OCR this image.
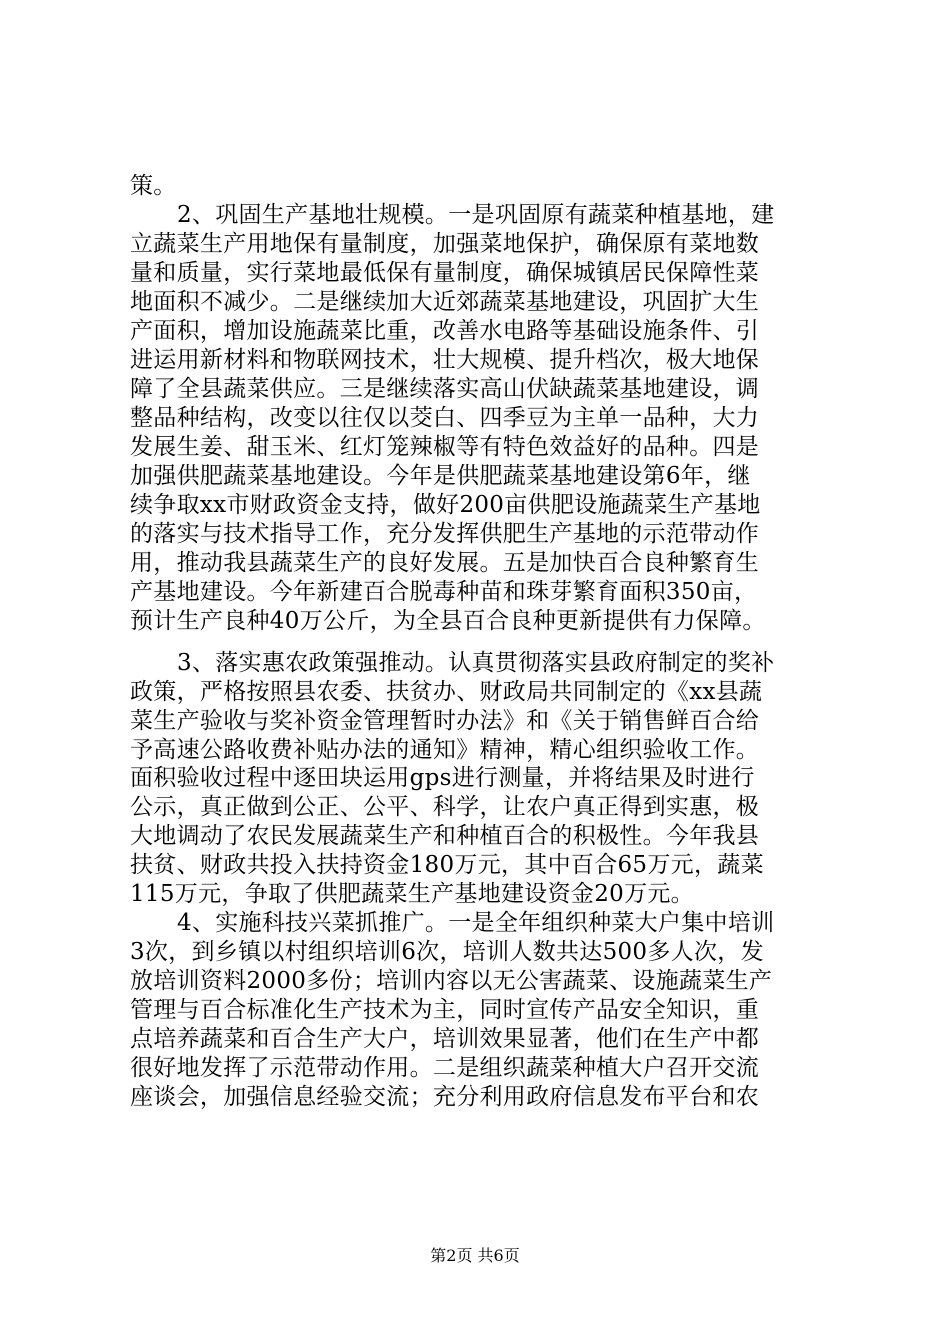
策。
2、巩固生产基地壮规模。一是巩固原有蔬菜种植基地，建
立蔬菜生产用地保有量制度，加强菜地保护，确保原有菜地数
量和质量，实行菜地最低保有量制度，确保城镇居民保障性菜
地面积不减少。二是继续加大近郊蔬菜基地建设，巩固扩大生
产面积，增加设施蔬菜比重，改善水电路等基础设施条件、引
进运用新材料和物联网技术，壮大规模、提升档次，极大地保
障了全县蔬菜供应。三是继续落实高山伏缺蔬菜基地建设，调
整品种结构，改变以往仅以茭白、四季豆为主单一品种，大力
发展生姜、甜玉米、红灯笼辣椒等有特色效益好的品种。四是
加强供肥蔬菜基地建设。今年是供肥蔬菜基地建设第6年，继
续争取xx市财政资金支持，做好200亩供肥设施蔬菜生产基地
的落实与技术指导工作，充分发挥供肥生产基地的示范带动作
用，推动我县蔬菜生产的良好发展。五是加快百合良种繁育生
产基地建设。今年新建百合脱毒种苗和珠芽繁育面积350亩，
预计生产良种40万公斤，为全县百合良种更新提供有力保障。
3、落实惠农政策强推动。认真贯彻落实县政府制定的奖补
政策，严格按照县农委、扶贫办、财政局共同制定的《xx县蔬
菜生产验收与奖补资金管理暂时办法》和《关于销售鲜百合给
予高速公路收费补贴办法的通知》精神，精心组织验收工作。
面积验收过程中逐田块运用gps进行测量，并将结果及时进行
公示，真正做到公正、公平、科学，让农户真正得到实惠，极
大地调动了农民发展蔬菜生产和种植百合的积极性。今年我县
扶贫、财政共投入扶持资金180万元，其中百合65万元，蔬菜
115万元，争取了供肥蔬菜生产基地建设资金20万元。
4、实施科技兴菜抓推广。一是全年组织种菜大户集中培训
3次，到乡镇以村组织培训6次，培训人数共达500多人次，发
放培训资料2000多份；培训内容以无公害蔬菜、设施蔬菜生产
管理与百合标准化生产技术为主，同时宣传产品安全知识，重
点培养蔬菜和百合生产大户，培训效果显著，他们在生产中都
很好地发挥了示范带动作用。二是组织蔬菜种植大户召开交流
座谈会，加强信息经验交流；充分利用政府信息发布平台和农
第2页 共6页
